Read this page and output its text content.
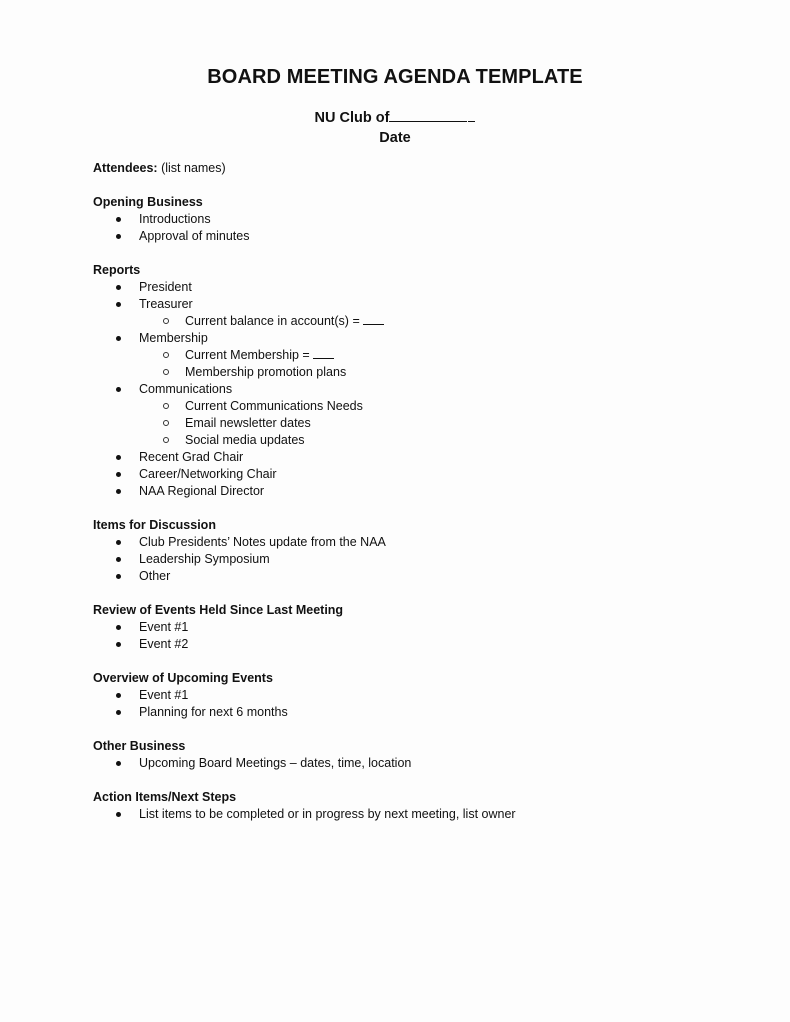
BOARD MEETING AGENDA TEMPLATE
NU Club of
Date
Attendees: (list names)
Opening Business
Introductions
Approval of minutes
Reports
President
Treasurer
Current balance in account(s) =
Membership
Current Membership =
Membership promotion plans
Communications
Current Communications Needs
Email newsletter dates
Social media updates
Recent Grad Chair
Career/Networking Chair
NAA Regional Director
Items for Discussion
Club Presidents’ Notes update from the NAA
Leadership Symposium
Other
Review of Events Held Since Last Meeting
Event #1
Event #2
Overview of Upcoming Events
Event #1
Planning for next 6 months
Other Business
Upcoming Board Meetings – dates, time, location
Action Items/Next Steps
List items to be completed or in progress by next meeting, list owner
